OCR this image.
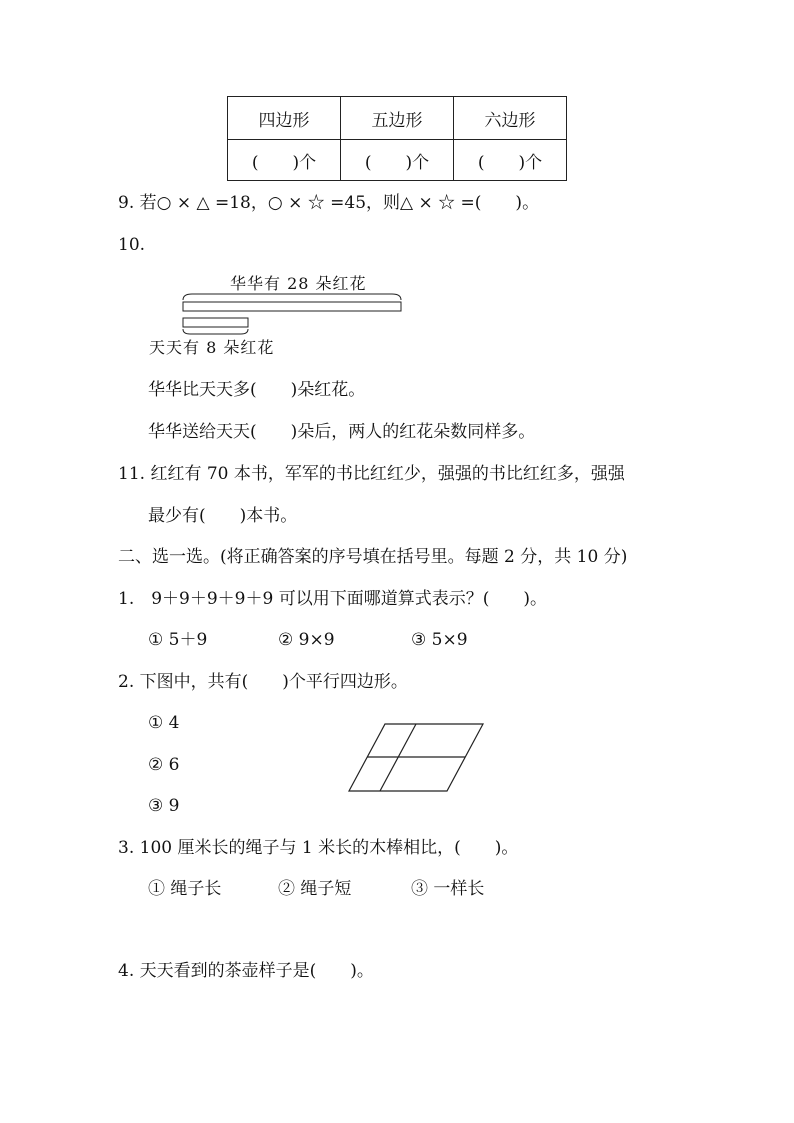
四边形	五边形	六边形
(　　)个	(　　)个	(　　)个
9. 若○ × △ =18，○ × ☆ =45，则△ × ☆ =(　　)。
10.
华华有 28 朵红花
天天有 8 朵红花
华华比天天多(　　)朵红花。
华华送给天天(　　)朵后，两人的红花朵数同样多。
11. 红红有 70 本书，军军的书比红红少，强强的书比红红多，强强
最少有(　　)本书。
二、选一选。(将正确答案的序号填在括号里。每题 2 分，共 10 分)
1.　9＋9＋9＋9＋9 可以用下面哪道算式表示？(　　)。
① 5＋9	② 9×9	③ 5×9
2. 下图中，共有(　　)个平行四边形。
① 4
② 6
③ 9
3. 100 厘米长的绳子与 1 米长的木棒相比，(　　)。
① 绳子长	② 绳子短	③ 一样长
4. 天天看到的茶壶样子是(　　)。
